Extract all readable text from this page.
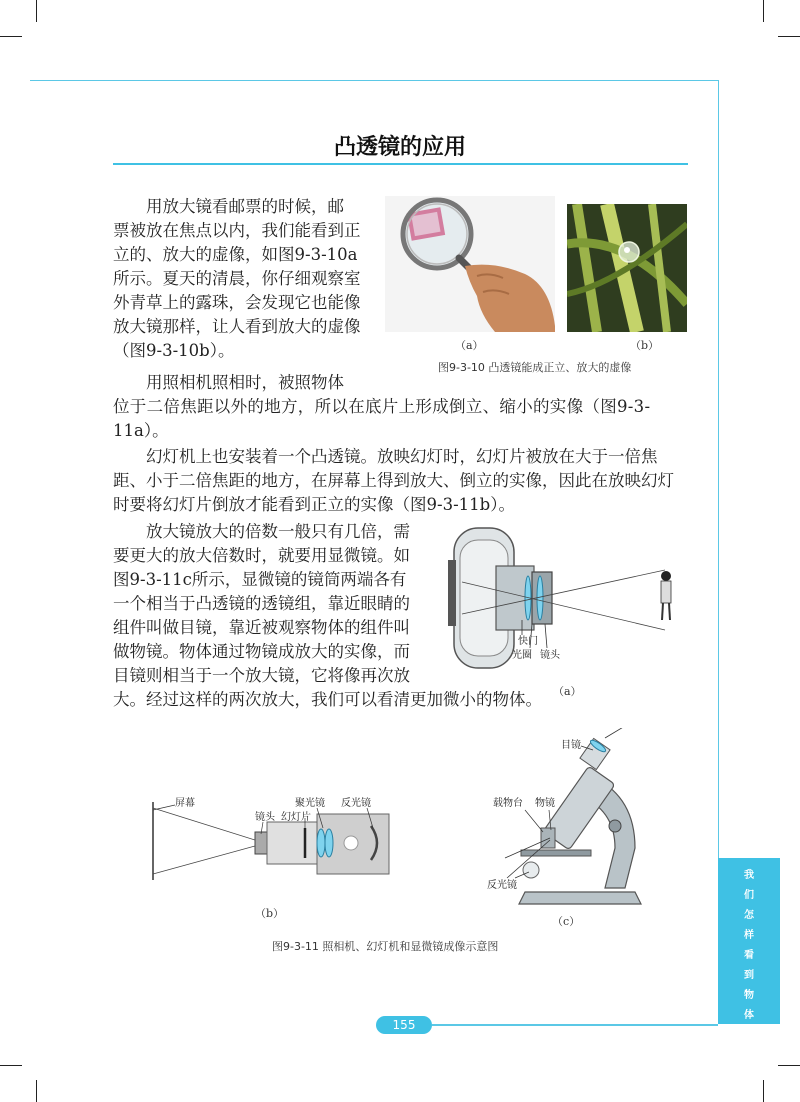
凸透镜的应用

用放大镜看邮票的时候，邮

票被放在焦点以内，我们能看到正

立的、放大的虚像，如图9-3-10a

所示。夏天的清晨，你仔细观察室

外青草上的露珠，会发现它也能像

放大镜那样，让人看到放大的虚像

（图9-3-10b）。

用照相机照相时，被照物体

位于二倍焦距以外的地方，所以在底片上形成倒立、缩小的实像（图9-3-

11a）。

幻灯机上也安装着一个凸透镜。放映幻灯时，幻灯片被放在大于一倍焦

距、小于二倍焦距的地方，在屏幕上得到放大、倒立的实像，因此在放映幻灯

时要将幻灯片倒放才能看到正立的实像（图9-3-11b）。

放大镜放大的倍数一般只有几倍，需

要更大的放大倍数时，就要用显微镜。如

图9-3-11c所示，显微镜的镜筒两端各有

一个相当于凸透镜的透镜组，靠近眼睛的

组件叫做目镜，靠近被观察物体的组件叫

做物镜。物体通过物镜成放大的实像，而

目镜则相当于一个放大镜，它将像再次放

大。经过这样的两次放大，我们可以看清更加微小的物体。

（a）	（b）
图9-3-10 凸透镜能成正立、放大的虚像
快门
光圈 镜头
（a）
屏幕
镜头 幻灯片
聚光镜 反光镜
（b）
目镜
载物台 物镜
反光镜
（c）
图9-3-11 照相机、幻灯机和显微镜成像示意图
我
们
怎
样
看
到
物
体
155
